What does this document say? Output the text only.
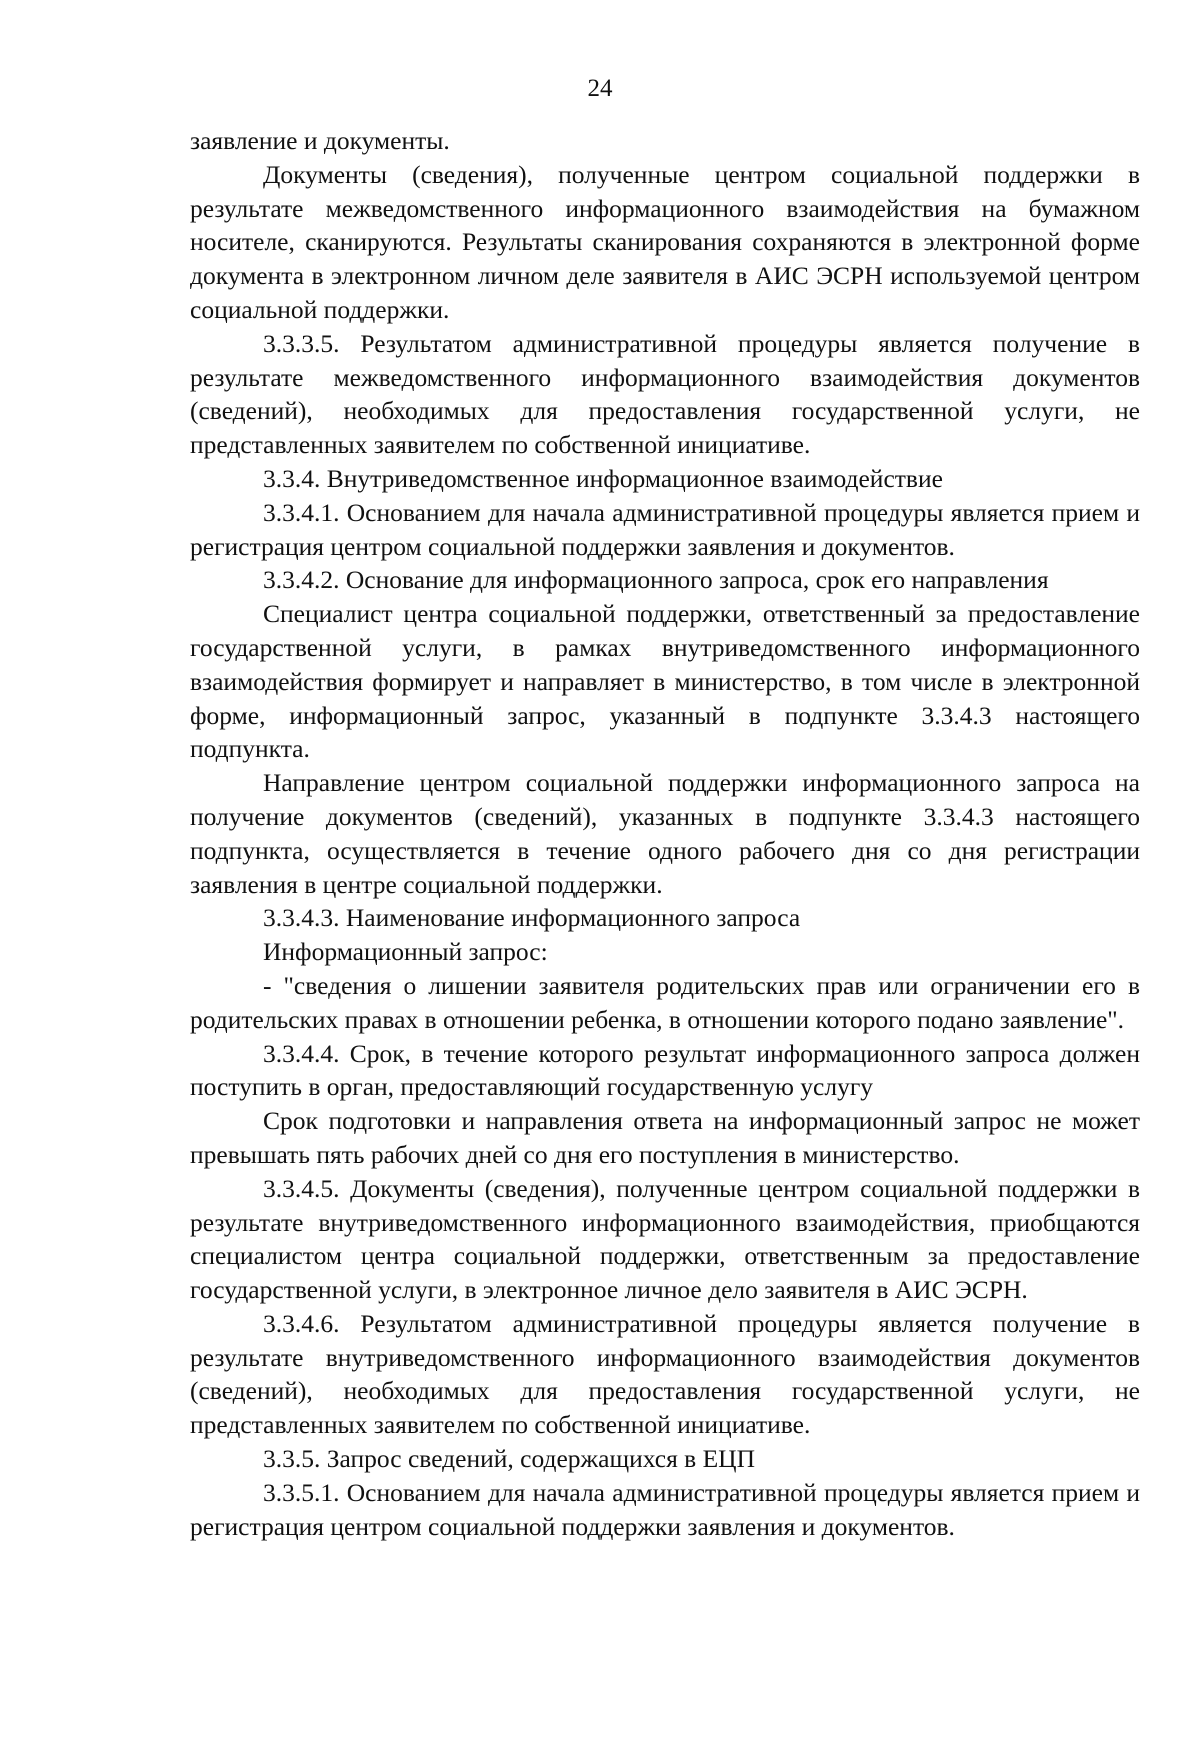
24

заявление и документы.

Документы (сведения), полученные центром социальной поддержки в результате межведомственного информационного взаимодействия на бумажном носителе, сканируются. Результаты сканирования сохраняются в электронной форме документа в электронном личном деле заявителя в АИС ЭСРН используемой центром социальной поддержки.

3.3.3.5. Результатом административной процедуры является получение в результате межведомственного информационного взаимодействия документов (сведений), необходимых для предоставления государственной услуги, не представленных заявителем по собственной инициативе.

3.3.4. Внутриведомственное информационное взаимодействие

3.3.4.1. Основанием для начала административной процедуры является прием и регистрация центром социальной поддержки заявления и документов.

3.3.4.2. Основание для информационного запроса, срок его направления

Специалист центра социальной поддержки, ответственный за предоставление государственной услуги, в рамках внутриведомственного информационного взаимодействия формирует и направляет в министерство, в том числе в электронной форме, информационный запрос, указанный в подпункте 3.3.4.3 настоящего подпункта.

Направление центром социальной поддержки информационного запроса на получение документов (сведений), указанных в подпункте 3.3.4.3 настоящего подпункта, осуществляется в течение одного рабочего дня со дня регистрации заявления в центре социальной поддержки.

3.3.4.3. Наименование информационного запроса

Информационный запрос:

- "сведения о лишении заявителя родительских прав или ограничении его в родительских правах в отношении ребенка, в отношении которого подано заявление".

3.3.4.4. Срок, в течение которого результат информационного запроса должен поступить в орган, предоставляющий государственную услугу

Срок подготовки и направления ответа на информационный запрос не может превышать пять рабочих дней со дня его поступления в министерство.

3.3.4.5. Документы (сведения), полученные центром социальной поддержки в результате внутриведомственного информационного взаимодействия, приобщаются специалистом центра социальной поддержки, ответственным за предоставление государственной услуги, в электронное личное дело заявителя в АИС ЭСРН.

3.3.4.6. Результатом административной процедуры является получение в результате внутриведомственного информационного взаимодействия документов (сведений), необходимых для предоставления государственной услуги, не представленных заявителем по собственной инициативе.

3.3.5. Запрос сведений, содержащихся в ЕЦП

3.3.5.1. Основанием для начала административной процедуры является прием и регистрация центром социальной поддержки заявления и документов.
